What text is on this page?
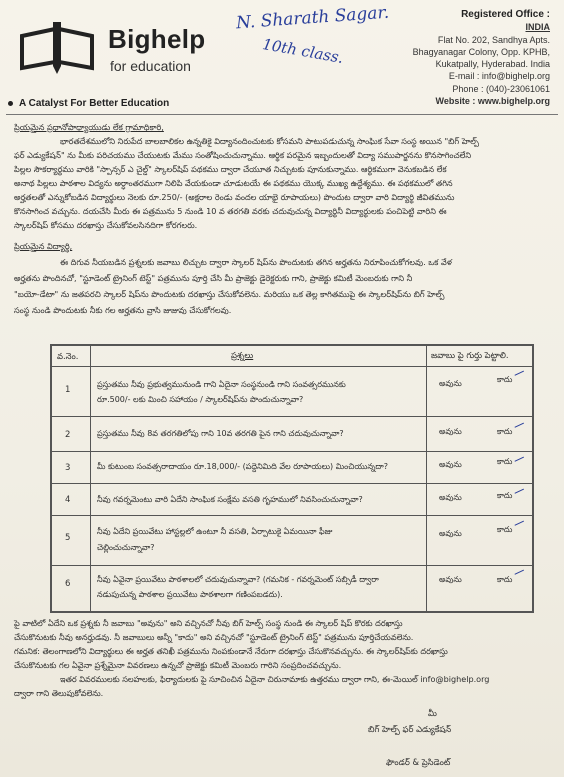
Bighelp
for education
A Catalyst For Better Education
N. Sharath Sagar.
10th class.
Registered Office :
INDIA
Flat No. 202, Sandhya Apts.
Bhagyanagar Colony, Opp. KPHB,
Kukatpally, Hyderabad. India
E-mail : info@bighelp.org
Phone : (040)-23061061
Website : www.bighelp.org
ప్రియమైన ప్రధానోపాధ్యాయుడు లేక గ్రామాధికారి,
భారతదేశములోని నిరుపేద బాలబాలికల ఉన్నతికై విద్యానందించుటకు కోసమని పాటుపడుచున్న సాంఘిక సేవా సంస్థ అయిన "బిగ్ హెల్ప్
ఫర్ ఎడ్యుకేషన్" ను మీకు పరిచయము చేయుటకు మేము సంతోషించుచున్నాము. ఆర్థిక పరమైన ఇబ్బందులతో విద్యా సముపార్జనను కొనసాగించలేని
పిల్లల సౌకర్యార్థము వారికి "స్పాన్సర్ ఎ చైల్డ్" స్కాలర్‌షిప్ పథకము ద్వారా చేయూత నిచ్చుటకు పూనుకున్నాము. ఆర్థికముగా వెనుకబడిన లేక
అనాథ పిల్లలు పాఠశాల విద్యను అర్ధాంతరముగా నిలిపి వేయకుండా చూడుటయే ఈ పథకము యొక్క ముఖ్య ఉద్దేశ్యము. ఈ పథకములో తగిన
అర్హతలతో ఎన్నుకోబడిన విద్యార్థులు నెలకు రూ.250/- (అక్షరాల రెండు వందల యాభై రూపాయలు) పొందుట ద్వారా వారి విద్యార్థి జీవితమును
కొనసాగించ వచ్చును. దయచేసి మీరు ఈ పత్రమును 5 నుండి 10 వ తరగతి వరకు చదువుచున్న విద్యార్థినీ విద్యార్థులకు పంచిపెట్టి వారిని ఈ
స్కాలర్‌షిప్ కోసము దరఖాస్తు చేసుకోవలసినదిగా కోరగలరు.
ప్రియమైన విద్యార్థి,
ఈ దిగువ నీయబడిన ప్రశ్నలకు జవాబు లిచ్చుట ద్వారా స్కాలర్ షిప్‌ను పొందుటకు తగిన అర్హతను నిరూపించుకోగలవు. ఒక వేళ
అర్హతను పొందినచో, "స్టూడెంట్ ట్రైనింగ్ టెస్ట్" పత్రమును పూర్తి చేసి మీ ప్రాజెక్టు డైరెక్టరుకు గాని, ప్రాజెక్టు కమిటీ మెంబరుకు గాని నీ
"బయో-డేటా" ను జతపరచి స్కాలర్ షిప్‌ను పొందుటకు దరఖాస్తు చేసుకోవలెను. మరియు ఒక తెల్ల కాగితముపై ఈ స్కాలర్‌షిప్‌ను బిగ్ హెల్ప్
సంస్థ నుండి పొందుటకు నీకు గల అర్హతను వ్రాసి జుజువు చేసుకోగలవు.
వ.నెం.	ప్రశ్నలు	జవాబు పై గుర్తు పెట్టాలి.
1
ప్రస్తుతము నీవు ప్రభుత్వమునుండి గాని ఏదైనా సంస్థనుండి గాని సంవత్సరమునకు
రూ.500/- లకు మించి సహాయం / స్కాలర్‌షిప్‌ను పొందుచున్నావా?
అవును	కాదు
2	ప్రస్తుతము నీవు 8వ తరగతిలోపు గాని 10వ తరగతి పైన గాని చదువుచున్నావా?	అవును	కాదు
3	మీ కుటుంబ సంవత్సరాదాయం రూ.18,000/- (పద్దెనిమిది వేల రూపాయలు) మించియున్నదా?	అవును	కాదు
4	నీవు గవర్నమెంటు వారి ఏదేని సాంఘిక సంక్షేమ వసతి గృహములో నివసించుచున్నావా?	అవును	కాదు
5
నీవు ఏదేని ప్రయివేటు హాస్టల్లలో ఉంటూ నీ వసతి, ఏర్పాటుకై ఏమయినా ఫీజు
చెల్లించుచున్నావా?
అవును	కాదు
6	నీవు ఏవైనా ప్రయివేటు పాఠశాలలో చదువుచున్నావా? (గమనిక - గవర్నమెంట్ సబ్సిడీ ద్వారా
నడుపుచున్న పాఠశాల ప్రయివేటు పాఠశాలగా గణింపబడదు).
అవును	కాదు
పై వాటిలో ఏదేని ఒక ప్రశ్నకు నీ జవాబు "అవును" అని వచ్చినచో నీవు బిగ్ హెల్ప్ సంస్థ నుండి ఈ స్కాలర్ షిప్ కొరకు దరఖాస్తు
చేసుకొనుటకు నీవు అనర్హుడవు. నీ జవాబులు అన్నీ "కాదు" అని వచ్చినచో "స్టూడెంట్ ట్రైనింగ్ టెస్ట్" పత్రమును పూర్తిచేయవలెను.
గమనిక: తెలంగాణలోని విద్యార్థులు ఈ అర్హత తనిఖీ పత్రమును నింపకుండానే నేరుగా దరఖాస్తు చేసుకొనవచ్చును. ఈ స్కాలర్‌షిప్‌కు దరఖాస్తు
చేసుకొనుటకు గల ఏవైనా ప్రశ్నేమైనా వివరణలు ఉన్నచో ప్రాజెక్టు కమిటీ మెంబరు గారిని సంప్రదించవచ్చును.
ఇతర వివరములకు సలహలకు, ఫిర్యాదులకు పై సూచించిన ఏదైనా చిరునామాకు ఉత్తరము ద్వారా గాని, ఈ-మెయిల్ info@bighelp.org
ద్వారా గాని తెలుపుకోవలెను.
మీ
బిగ్ హెల్ప్ ఫర్ ఎడ్యుకేషన్
ఫౌండర్ & ప్రెసిడెంట్
